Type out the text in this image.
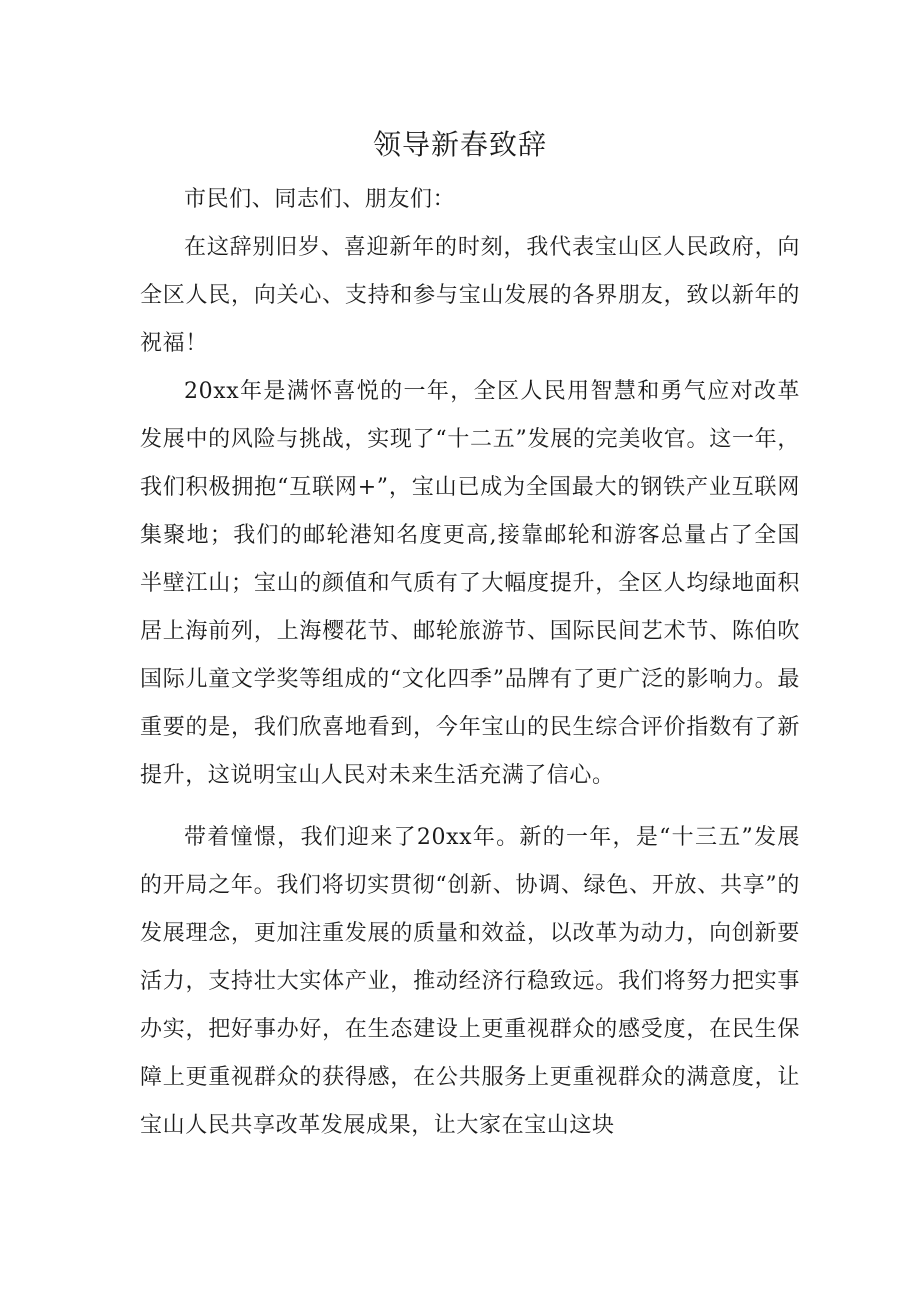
领导新春致辞

市民们、同志们、朋友们：

在这辞别旧岁、喜迎新年的时刻，我代表宝山区人民政府，向全区人民，向关心、支持和参与宝山发展的各界朋友，致以新年的祝福！

20xx年是满怀喜悦的一年，全区人民用智慧和勇气应对改革发展中的风险与挑战，实现了“十二五”发展的完美收官。这一年，我们积极拥抱“互联网+”，宝山已成为全国最大的钢铁产业互联网集聚地；我们的邮轮港知名度更高,接靠邮轮和游客总量占了全国半壁江山；宝山的颜值和气质有了大幅度提升，全区人均绿地面积居上海前列，上海樱花节、邮轮旅游节、国际民间艺术节、陈伯吹国际儿童文学奖等组成的“文化四季”品牌有了更广泛的影响力。最重要的是，我们欣喜地看到，今年宝山的民生综合评价指数有了新提升，这说明宝山人民对未来生活充满了信心。

带着憧憬，我们迎来了20xx年。新的一年，是“十三五”发展的开局之年。我们将切实贯彻“创新、协调、绿色、开放、共享”的发展理念，更加注重发展的质量和效益，以改革为动力，向创新要活力，支持壮大实体产业，推动经济行稳致远。我们将努力把实事办实，把好事办好，在生态建设上更重视群众的感受度，在民生保障上更重视群众的获得感，在公共服务上更重视群众的满意度，让宝山人民共享改革发展成果，让大家在宝山这块
